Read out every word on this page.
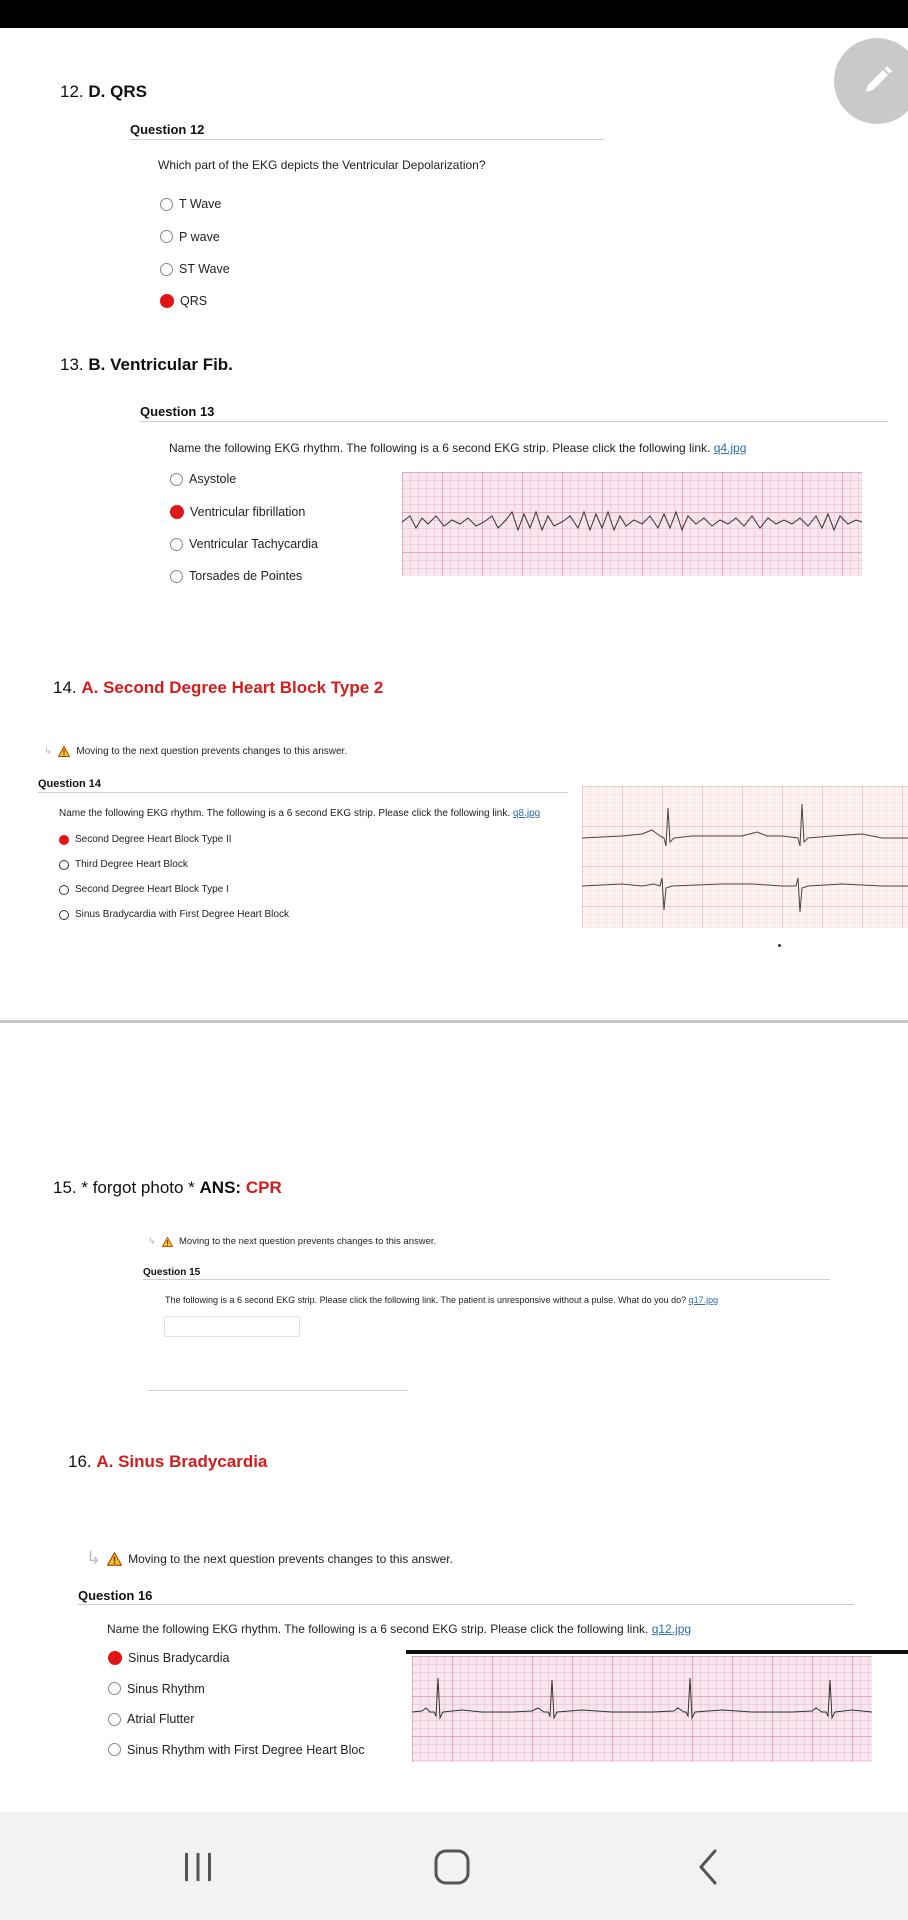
12. D. QRS
Question 12
Which part of the EKG depicts the Ventricular Depolarization?
T Wave
P wave
ST Wave
QRS
13. B. Ventricular Fib.
Question 13
Name the following EKG rhythm. The following is a 6 second EKG strip. Please click the following link. q4.jpg
Asystole
Ventricular fibrillation
Ventricular Tachycardia
Torsades de Pointes
14. A. Second Degree Heart Block Type 2
↳ Moving to the next question prevents changes to this answer.
Question 14
Name the following EKG rhythm. The following is a 6 second EKG strip. Please click the following link. q8.jpg
Second Degree Heart Block Type II
Third Degree Heart Block
Second Degree Heart Block Type I
Sinus Bradycardia with First Degree Heart Block
15. * forgot photo * ANS: CPR
↳ Moving to the next question prevents changes to this answer.
Question 15
The following is a 6 second EKG strip. Please click the following link. The patient is unresponsive without a pulse. What do you do? q17.jpg
16. A. Sinus Bradycardia
↳ Moving to the next question prevents changes to this answer.
Question 16
Name the following EKG rhythm. The following is a 6 second EKG strip. Please click the following link. q12.jpg
Sinus Bradycardia
Sinus Rhythm
Atrial Flutter
Sinus Rhythm with First Degree Heart Bloc
